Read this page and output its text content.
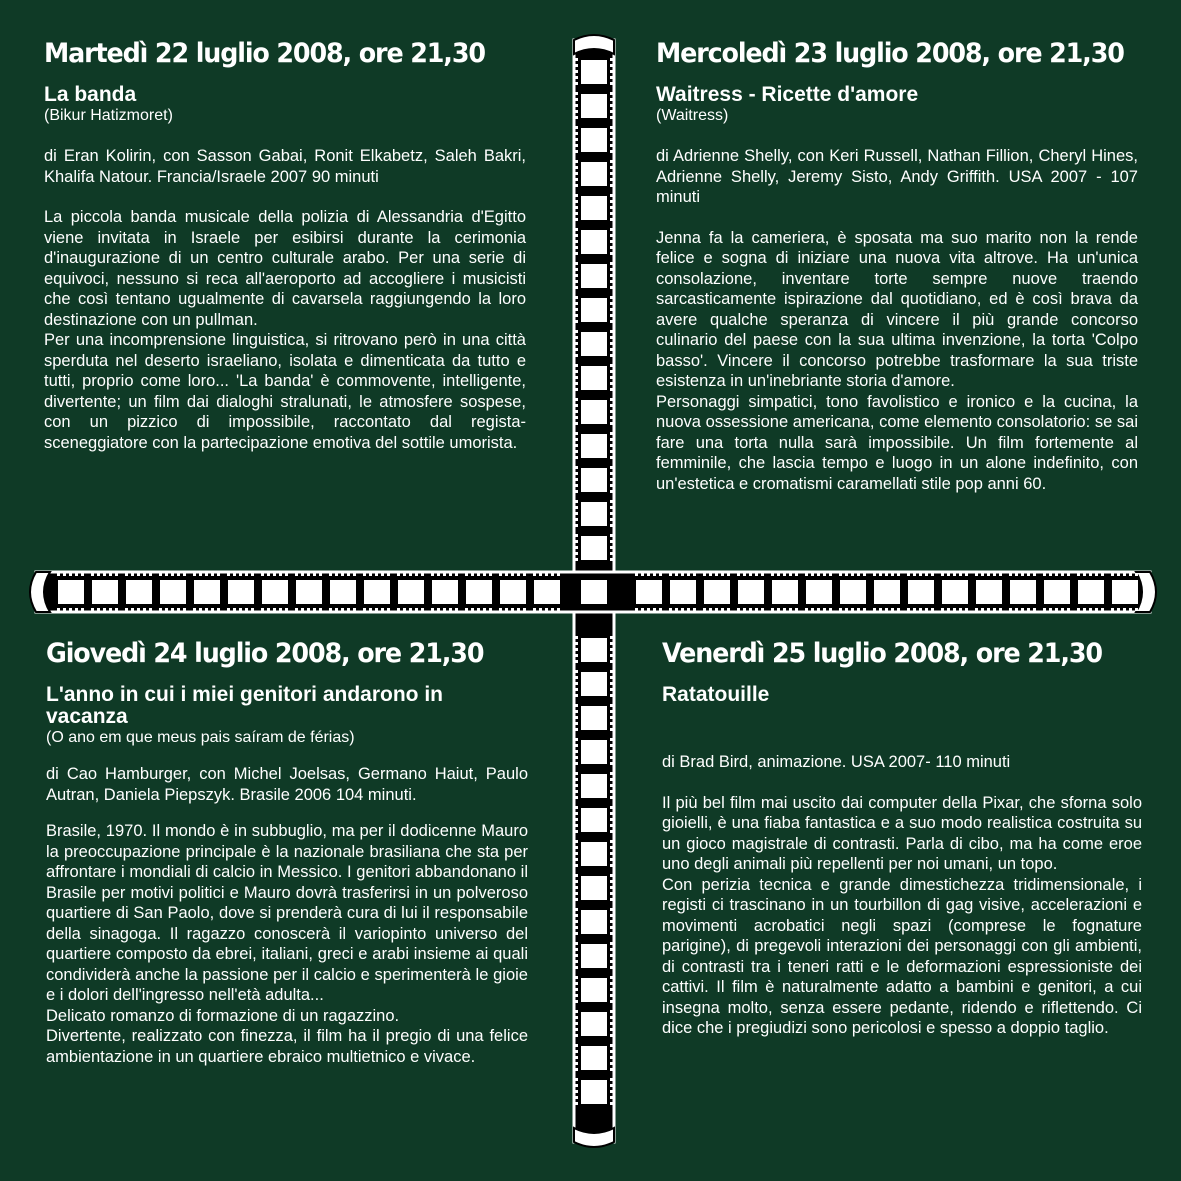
Martedì 22 luglio 2008, ore 21,30
La banda

(Bikur Hatizmoret)

di Eran Kolirin, con Sasson Gabai, Ronit Elkabetz, Saleh Bakri, Khalifa Natour. Francia/Israele 2007 90 minuti

La piccola banda musicale della polizia di Alessandria d'Egitto viene invitata in Israele per esibirsi durante la cerimonia d'inaugurazione di un centro culturale arabo. Per una serie di equivoci, nessuno si reca all'aeroporto ad accogliere i musicisti che così tentano ugualmente di cavarsela raggiungendo la loro destinazione con un pullman.

Per una incomprensione linguistica, si ritrovano però in una città sperduta nel deserto israeliano, isolata e dimenticata da tutto e tutti, proprio come loro... 'La banda' è commovente, intelligente, divertente; un film dai dialoghi stralunati, le atmosfere sospese, con un pizzico di impossibile, raccontato dal regista-sceneggiatore con la partecipazione emotiva del sottile umorista.

Mercoledì 23 luglio 2008, ore 21,30
Waitress - Ricette d'amore

(Waitress)

di Adrienne Shelly, con Keri Russell, Nathan Fillion, Cheryl Hines, Adrienne Shelly, Jeremy Sisto, Andy Griffith. USA 2007 - 107 minuti

Jenna fa la cameriera, è sposata ma suo marito non la rende felice e sogna di iniziare una nuova vita altrove. Ha un'unica consolazione, inventare torte sempre nuove traendo sarcasticamente ispirazione dal quotidiano, ed è così brava da avere qualche speranza di vincere il più grande concorso culinario del paese con la sua ultima invenzione, la torta 'Colpo basso'. Vincere il concorso potrebbe trasformare la sua triste esistenza in un'inebriante storia d'amore.

Personaggi simpatici, tono favolistico e ironico e la cucina, la nuova ossessione americana, come elemento consolatorio: se sai fare una torta nulla sarà impossibile. Un film fortemente al femminile, che lascia tempo e luogo in un alone indefinito, con un'estetica e cromatismi caramellati stile pop anni 60.

Giovedì 24 luglio 2008, ore 21,30
L'anno in cui i miei genitori andarono in vacanza

(O ano em que meus pais saíram de férias)

di Cao Hamburger, con Michel Joelsas, Germano Haiut, Paulo Autran, Daniela Piepszyk. Brasile 2006 104 minuti.

Brasile, 1970. Il mondo è in subbuglio, ma per il dodicenne Mauro la preoccupazione principale è la nazionale brasiliana che sta per affrontare i mondiali di calcio in Messico. I genitori abbandonano il Brasile per motivi politici e Mauro dovrà trasferirsi in un polveroso quartiere di San Paolo, dove si prenderà cura di lui il responsabile della sinagoga. Il ragazzo conoscerà il variopinto universo del quartiere composto da ebrei, italiani, greci e arabi insieme ai quali condividerà anche la passione per il calcio e sperimenterà le gioie e i dolori dell'ingresso nell'età adulta...

Delicato romanzo di formazione di un ragazzino.

Divertente, realizzato con finezza, il film ha il pregio di una felice ambientazione in un quartiere ebraico multietnico e vivace.

Venerdì 25 luglio 2008, ore 21,30
Ratatouille

di Brad Bird, animazione. USA 2007- 110 minuti

Il più bel film mai uscito dai computer della Pixar, che sforna solo gioielli, è una fiaba fantastica e a suo modo realistica costruita su un gioco magistrale di contrasti. Parla di cibo, ma ha come eroe uno degli animali più repellenti per noi umani, un topo.

Con perizia tecnica e grande dimestichezza tridimensionale, i registi ci trascinano in un tourbillon di gag visive, accelerazioni e movimenti acrobatici negli spazi (comprese le fognature parigine), di pregevoli interazioni dei personaggi con gli ambienti, di contrasti tra i teneri ratti e le deformazioni espressioniste dei cattivi. Il film è naturalmente adatto a bambini e genitori, a cui insegna molto, senza essere pedante, ridendo e riflettendo. Ci dice che i pregiudizi sono pericolosi e spesso a doppio taglio.
